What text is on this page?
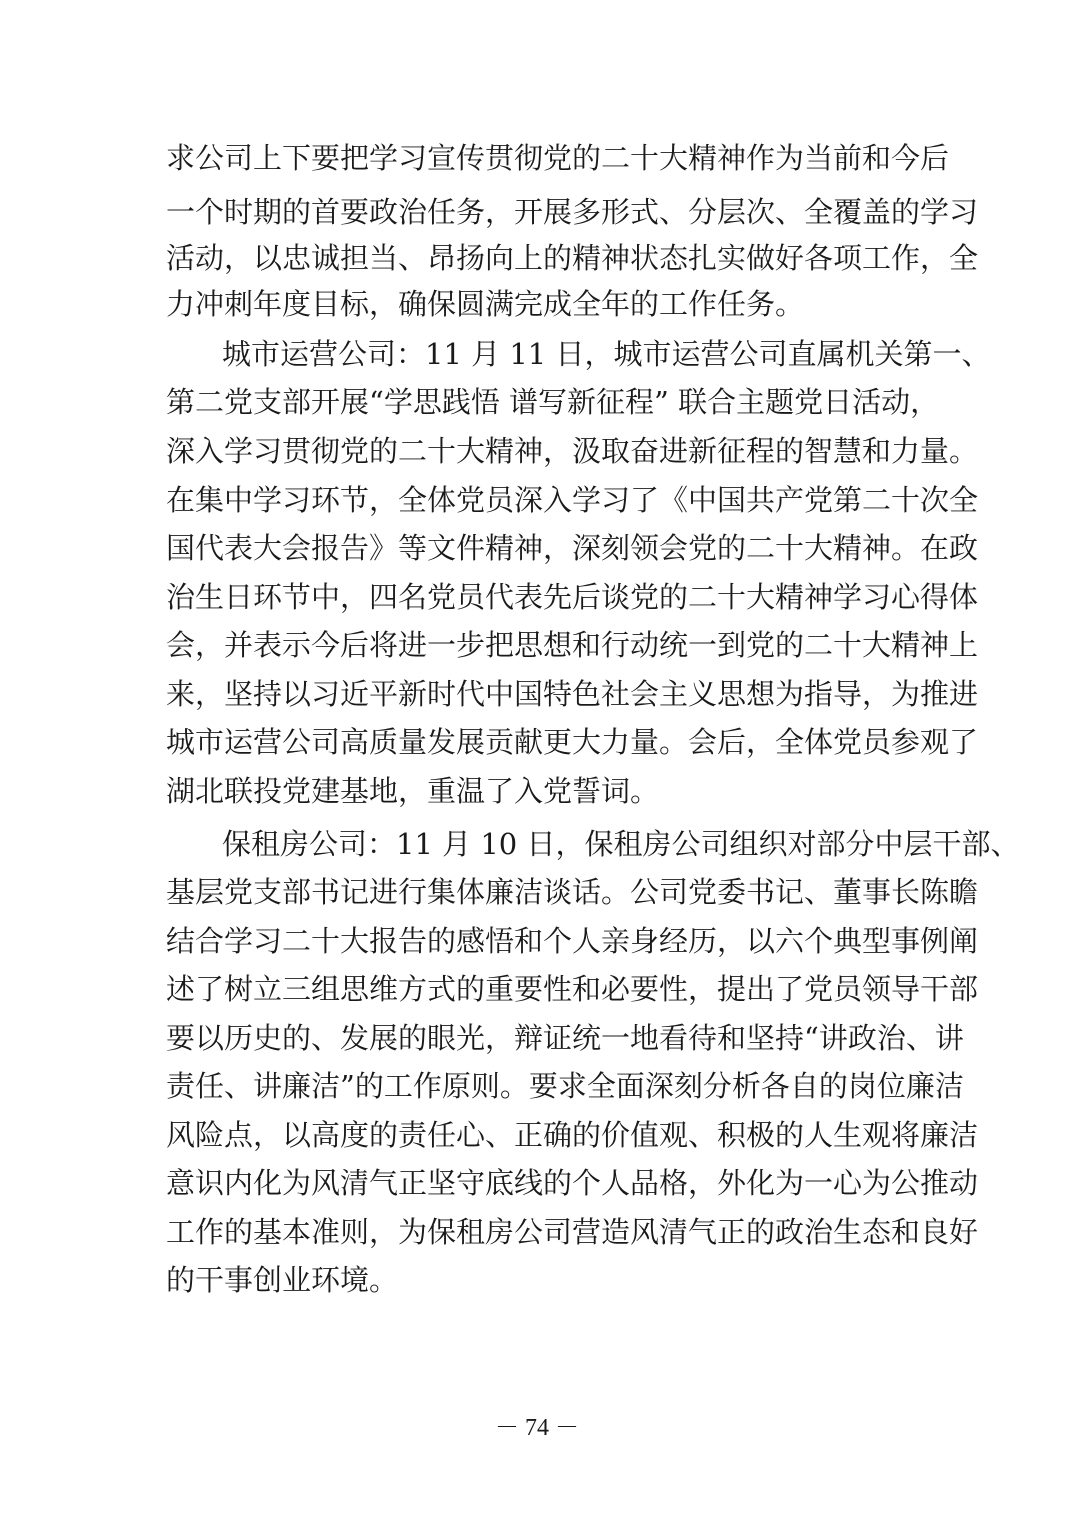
求公司上下要把学习宣传贯彻党的二十大精神作为当前和今后
一个时期的首要政治任务，开展多形式、分层次、全覆盖的学习
活动，以忠诚担当、昂扬向上的精神状态扎实做好各项工作，全
力冲刺年度目标，确保圆满完成全年的工作任务。
城市运营公司：11 月 11 日，城市运营公司直属机关第一、
第二党支部开展“学思践悟 谱写新征程” 联合主题党日活动，
深入学习贯彻党的二十大精神，汲取奋进新征程的智慧和力量。
在集中学习环节，全体党员深入学习了《中国共产党第二十次全
国代表大会报告》等文件精神，深刻领会党的二十大精神。在政
治生日环节中，四名党员代表先后谈党的二十大精神学习心得体
会，并表示今后将进一步把思想和行动统一到党的二十大精神上
来，坚持以习近平新时代中国特色社会主义思想为指导，为推进
城市运营公司高质量发展贡献更大力量。会后，全体党员参观了
湖北联投党建基地，重温了入党誓词。
保租房公司：11 月 10 日，保租房公司组织对部分中层干部、
基层党支部书记进行集体廉洁谈话。公司党委书记、董事长陈瞻
结合学习二十大报告的感悟和个人亲身经历，以六个典型事例阐
述了树立三组思维方式的重要性和必要性，提出了党员领导干部
要以历史的、发展的眼光，辩证统一地看待和坚持“讲政治、讲
责任、讲廉洁”的工作原则。要求全面深刻分析各自的岗位廉洁
风险点，以高度的责任心、正确的价值观、积极的人生观将廉洁
意识内化为风清气正坚守底线的个人品格，外化为一心为公推动
工作的基本准则，为保租房公司营造风清气正的政治生态和良好
的干事创业环境。
－ 74 －
